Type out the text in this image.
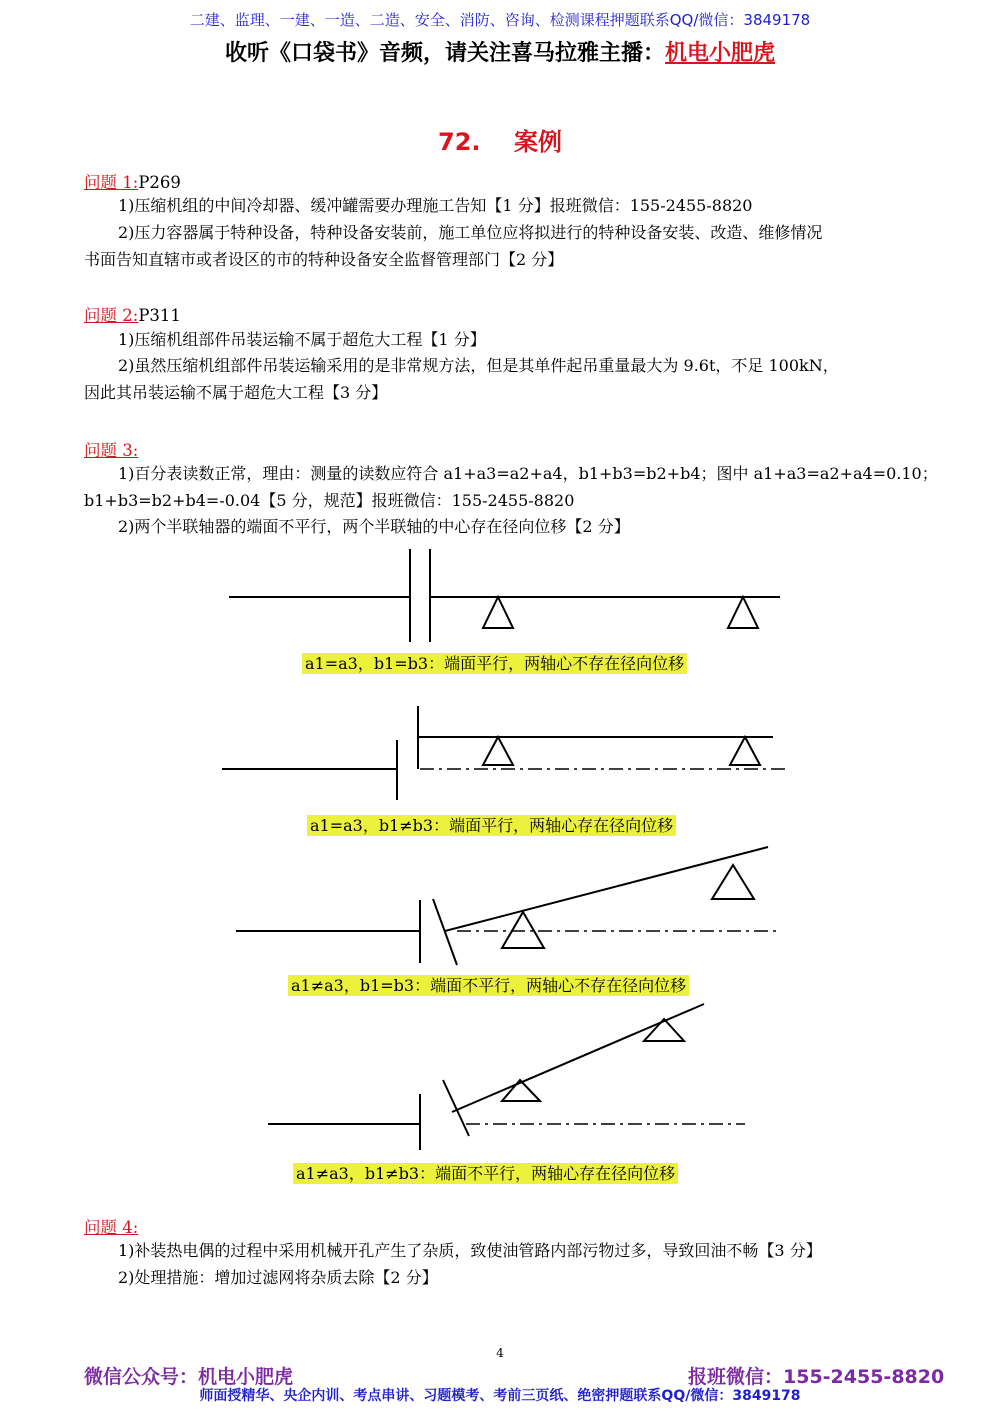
二建、监理、一建、一造、二造、安全、消防、咨询、检测课程押题联系QQ/微信：3849178
收听《口袋书》音频，请关注喜马拉雅主播：机电小肥虎
72.    案例
问题 1:P269
1)压缩机组的中间冷却器、缓冲罐需要办理施工告知【1 分】报班微信：155-2455-8820
2)压力容器属于特种设备，特种设备安装前，施工单位应将拟进行的特种设备安装、改造、维修情况
书面告知直辖市或者设区的市的特种设备安全监督管理部门【2 分】
问题 2:P311
1)压缩机组部件吊装运输不属于超危大工程【1 分】
2)虽然压缩机组部件吊装运输采用的是非常规方法，但是其单件起吊重量最大为 9.6t，不足 100kN，
因此其吊装运输不属于超危大工程【3 分】
问题 3:
1)百分表读数正常，理由：测量的读数应符合 a1+a3=a2+a4，b1+b3=b2+b4；图中 a1+a3=a2+a4=0.10；
b1+b3=b2+b4=-0.04【5 分，规范】报班微信：155-2455-8820
2)两个半联轴器的端面不平行，两个半联轴的中心存在径向位移【2 分】
a1=a3，b1=b3：端面平行，两轴心不存在径向位移
a1=a3，b1≠b3：端面平行，两轴心存在径向位移
a1≠a3，b1=b3：端面不平行，两轴心不存在径向位移
a1≠a3，b1≠b3：端面不平行，两轴心存在径向位移
问题 4:
1)补装热电偶的过程中采用机械开孔产生了杂质，致使油管路内部污物过多，导致回油不畅【3 分】
2)处理措施：增加过滤网将杂质去除【2 分】
4
微信公众号：机电小肥虎	报班微信：155-2455-8820
师面授精华、央企内训、考点串讲、习题模考、考前三页纸、绝密押题联系QQ/微信：3849178
